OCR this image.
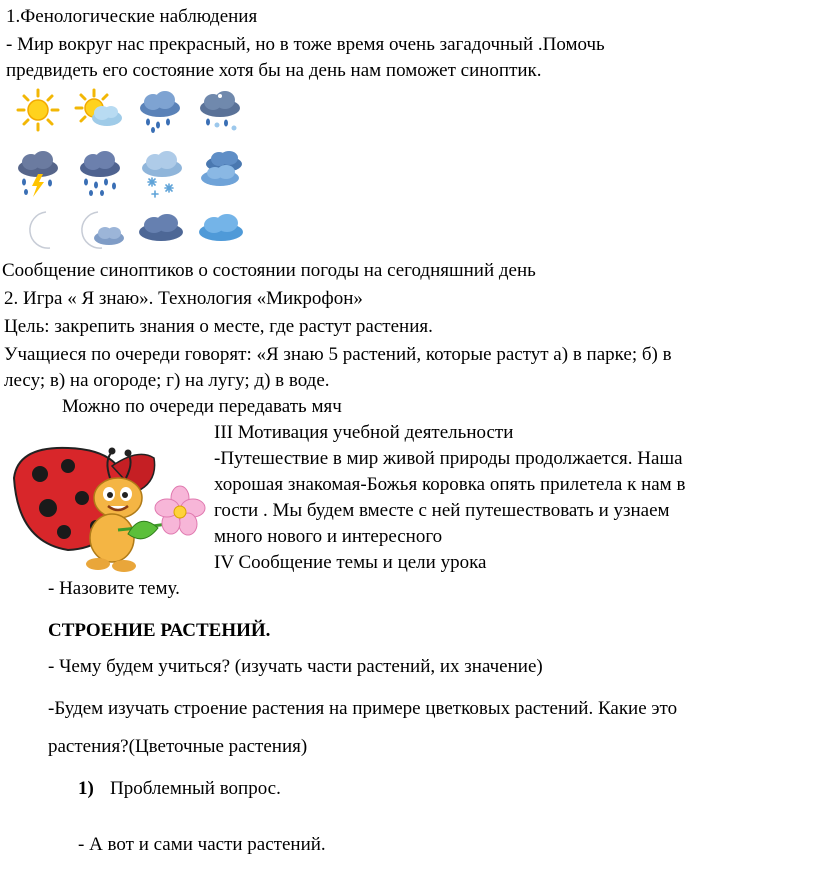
1.Фенологические наблюдения
- Мир вокруг нас прекрасный, но в тоже время очень загадочный .Помочь
предвидеть его состояние хотя бы на день нам поможет синоптик.
Сообщение синоптиков о состоянии погоды на сегодняшний день
2. Игра « Я знаю». Технология «Микрофон»
Цель: закрепить знания о месте, где растут растения.
Учащиеся по очереди говорят: «Я знаю 5 растений, которые растут а) в парке; б) в
лесу; в) на огороде; г) на лугу; д) в воде.
Можно по очереди передавать мяч
III Мотивация учебной деятельности
-Путешествие в мир живой природы продолжается. Наша
хорошая знакомая-Божья коровка опять прилетела к нам в
гости . Мы будем вместе с ней путешествовать и узнаем
много нового и интересного
IV Сообщение темы и цели урока
- Назовите тему.
СТРОЕНИЕ РАСТЕНИЙ.
- Чему будем учиться? (изучать части растений, их значение)
-Будем изучать строение растения на примере цветковых растений. Какие это
растения?(Цветочные растения)
1) Проблемный вопрос.
- А вот и сами части растений.
